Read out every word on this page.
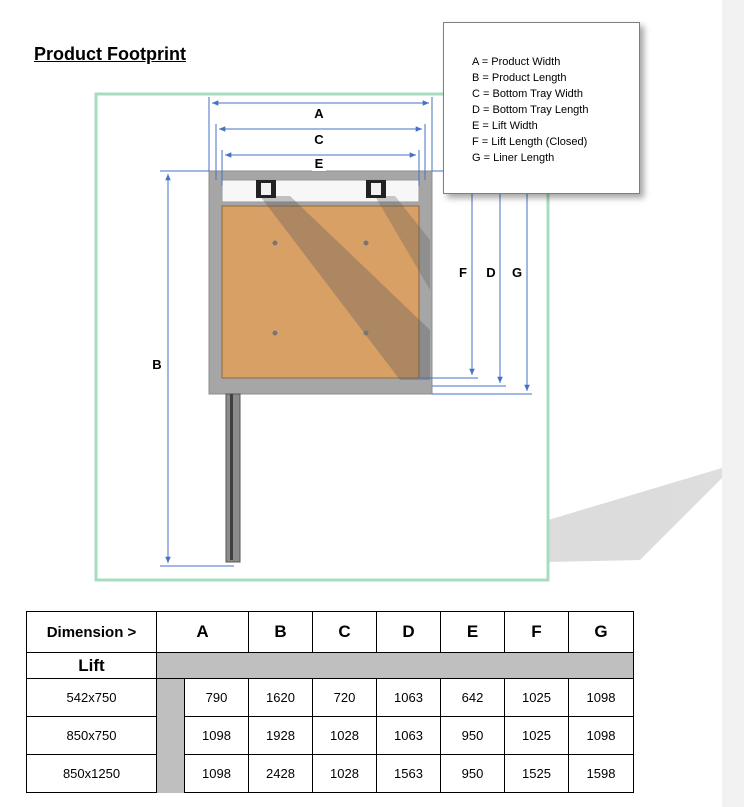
Product Footprint
A
C
E
B
F D G
A = Product Width
B = Product Length
C = Bottom Tray Width
D = Bottom Tray Length
E = Lift Width
F = Lift Length (Closed)
G = Liner Length
Dimension >	A		B	C	D	E	F	G
Lift								
542x750		790	1620	720	1063	642	1025	1098
850x750		1098	1928	1028	1063	950	1025	1098
850x1250		1098	2428	1028	1563	950	1525	1598
